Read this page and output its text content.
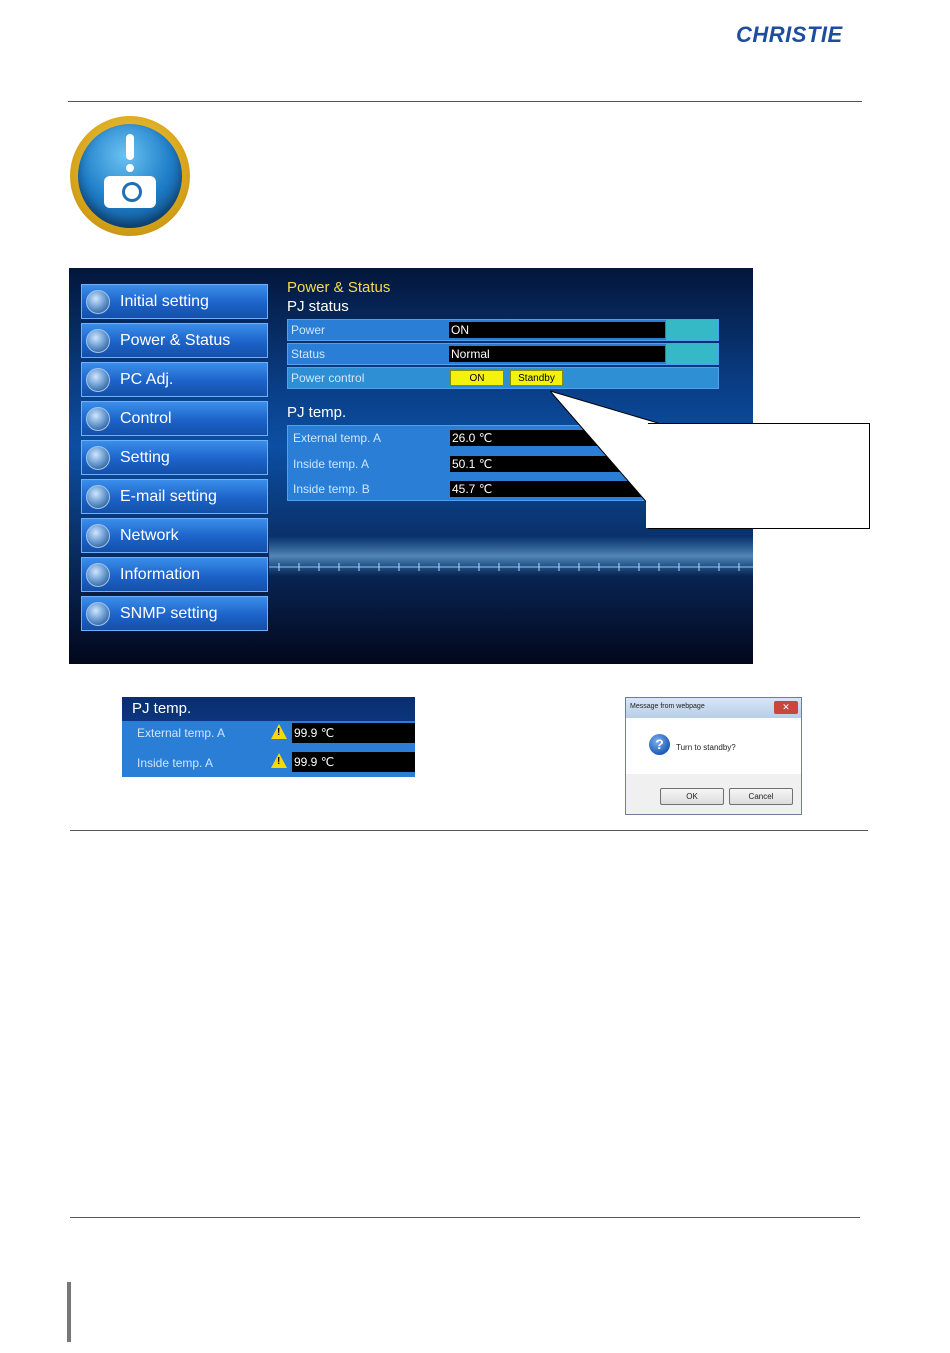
CHRISTIE
Initial setting
Power & Status
PC Adj.
Control
Setting
E-mail setting
Network
Information
SNMP setting
Power & Status
PJ status
Power	ON
Status	Normal
Power control	ON	Standby
PJ temp.
External temp. A	26.0 ℃
Inside temp. A	50.1 ℃
Inside temp. B	45.7 ℃
PJ temp.
External temp. A	! 99.9 ℃
Inside temp. A	! 99.9 ℃
Message from webpage	✕
?	Turn to standby?
OK	Cancel
